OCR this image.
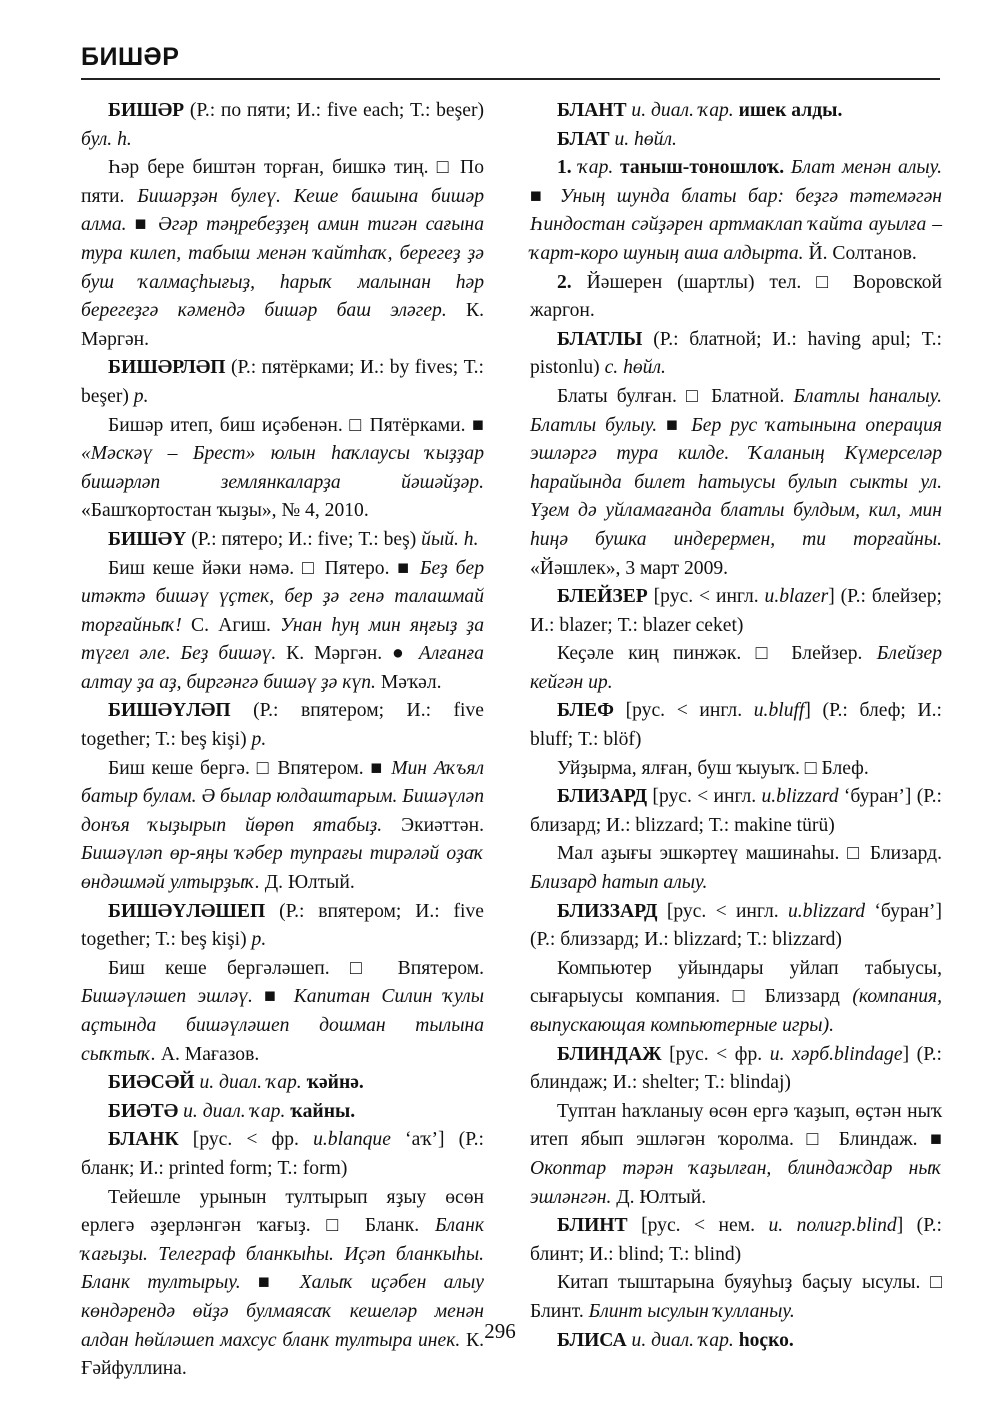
БИШӘР

БИШӘР (Р.: по пяти; И.: five each; Т.: beşer) бул. һ.

Һәр бере биштән торған, бишкә тиң. □ По пяти. Бишәрҙән булеү. Кеше башына бишәр алма. ■ Әгәр тәңребеҙҙең амин тигән сағына тура килеп, табыш менән ҡайтһаҡ, берегеҙ ҙә буш ҡалмаҫһығыҙ, һарыҡ малынан һәр берегеҙгә кәмендә бишәр баш эләгер. К. Мәргән.

БИШӘРЛӘП (Р.: пятёрками; И.: by fives; Т.: beşer) р.

Бишәр итеп, биш иҫәбенән. □ Пятёрками. ■ «Мәскәү – Брест» юлын һаҡлаусы ҡыҙҙар бишәрләп землянкаларҙа йәшәйҙәр. «Башҡортостан ҡыҙы», № 4, 2010.

БИШӘҮ (Р.: пятеро; И.: five; Т.: beş) йый. һ.

Биш кеше йәки нәмә. □ Пятеро. ■ Беҙ бер итәктә бишәү үҫтек, бер ҙә генә талашмай торғайныҡ! С. Агиш. Унан һуң мин яңғыҙ ҙа түгел әле. Беҙ бишәү. К. Мәргән. ● Алғанға алтау ҙа аҙ, биргәнгә бишәү ҙә күп. Мәҡәл.

БИШӘҮЛӘП (Р.: впятером; И.: five together; Т.: beş kişi) р.

Биш кеше бергә. □ Впятером. ■ Мин Аҡъял батыр булам. Ә былар юлдаштарым. Бишәүләп донъя ҡыҙырып йөрөп ятабыҙ. Экиәттән. Бишәүләп өр-яңы ҡәбер тупрағы тирәләй оҙаҡ өндәшмәй ултырҙыҡ. Д. Юлтый.

БИШӘҮЛӘШЕП (Р.: впятером; И.: five together; Т.: beş kişi) р.

Биш кеше бергәләшеп. □ Впятером. Бишәүләшеп эшләү. ■ Капитан Силин ҡулы аҫтында бишәүләшеп дошман тылына сыҡтыҡ. А. Мағазов.

БИӘСӘЙ и. диал. ҡар. ҡәйнә.

БИӘТӘ и. диал. ҡар. ҡайны.

БЛАНК [рус. < фр. и.blanque ‘аҡ’] (Р.: бланк; И.: printed form; Т.: form)

Тейешле урынын тултырып яҙыу өсөн ерлегә әҙерләнгән ҡағыҙ. □ Бланк. Бланк ҡағыҙы. Телеграф бланкыһы. Иҫәп бланкыһы. Бланк тултырыу. ■ Халыҡ иҫәбен алыу көндәрендә өйҙә булмаясаҡ кешеләр менән алдан һөйләшеп махсус бланк тултыра инек. К. Ғәйфуллина.

БЛАНТ и. диал. ҡар. ишек алды.

БЛАТ и. һөйл.

1. ҡар. таныш-тоношлоҡ. Блат менән алыу. ■ Уның шунда блаты бар: беҙгә тәтемәгән Һиндостан сәйҙәрен артмаклап ҡайта ауылға – ҡарт-коро шуның аша алдырта. Й. Солтанов.

2. Йәшерен (шартлы) тел. □ Воровской жаргон.

БЛАТЛЫ (Р.: блатной; И.: having apul; Т.: pistonlu) с. һөйл.

Блаты булған. □ Блатной. Блатлы һаналыу. Блатлы булыу. ■ Бер рус ҡатынына операция эшләргә тура килде. Ҡаланың Күмерселәр һарайында билет һатыусы булып сыкты ул. Үҙем дә уйламағанда блатлы булдым, кил, мин һиңә бушка индерермен, ти торғайны. «Йәшлек», 3 март 2009.

БЛЕЙЗЕР [рус. < ингл. и.blazer] (Р.: блейзер; И.: blazer; Т.: blazer ceket)

Кеҫәле киң пинжәк. □ Блейзер. Блейзер кейгән ир.

БЛЕФ [рус. < ингл. и.bluff] (Р.: блеф; И.: bluff; Т.: blöf)

Уйҙырма, ялған, буш ҡыуыҡ. □ Блеф.

БЛИЗАРД [рус. < ингл. и.blizzard ‘буран’] (Р.: близард; И.: blizzard; Т.: makine türü)

Мал аҙығы эшкәртеү машинаһы. □ Близард. Близард һатып алыу.

БЛИЗЗАРД [рус. < ингл. и.blizzard ‘буран’] (Р.: близзард; И.: blizzard; Т.: blizzard)

Компьютер уйындары уйлап табыусы, сығарыусы компания. □ Близзард (компания, выпускающая компьютерные игры).

БЛИНДАЖ [рус. < фр. и. хәрб.blindage] (Р.: блиндаж; И.: shelter; Т.: blindaj)

Туптан һаҡланыу өсөн ергә ҡаҙып, өҫтән ныҡ итеп ябып эшләгән ҡоролма. □ Блиндаж. ■ Окоптар тәрән ҡаҙылған, блиндаждар ныҡ эшләнгән. Д. Юлтый.

БЛИНТ [рус. < нем. и. полигр.blind] (Р.: блинт; И.: blind; Т.: blind)

Китап тыштарына буяуһыҙ баҫыу ысулы. □ Блинт. Блинт ысулын ҡулланыу.

БЛИСА и. диал. ҡар. һоҫко.

296
